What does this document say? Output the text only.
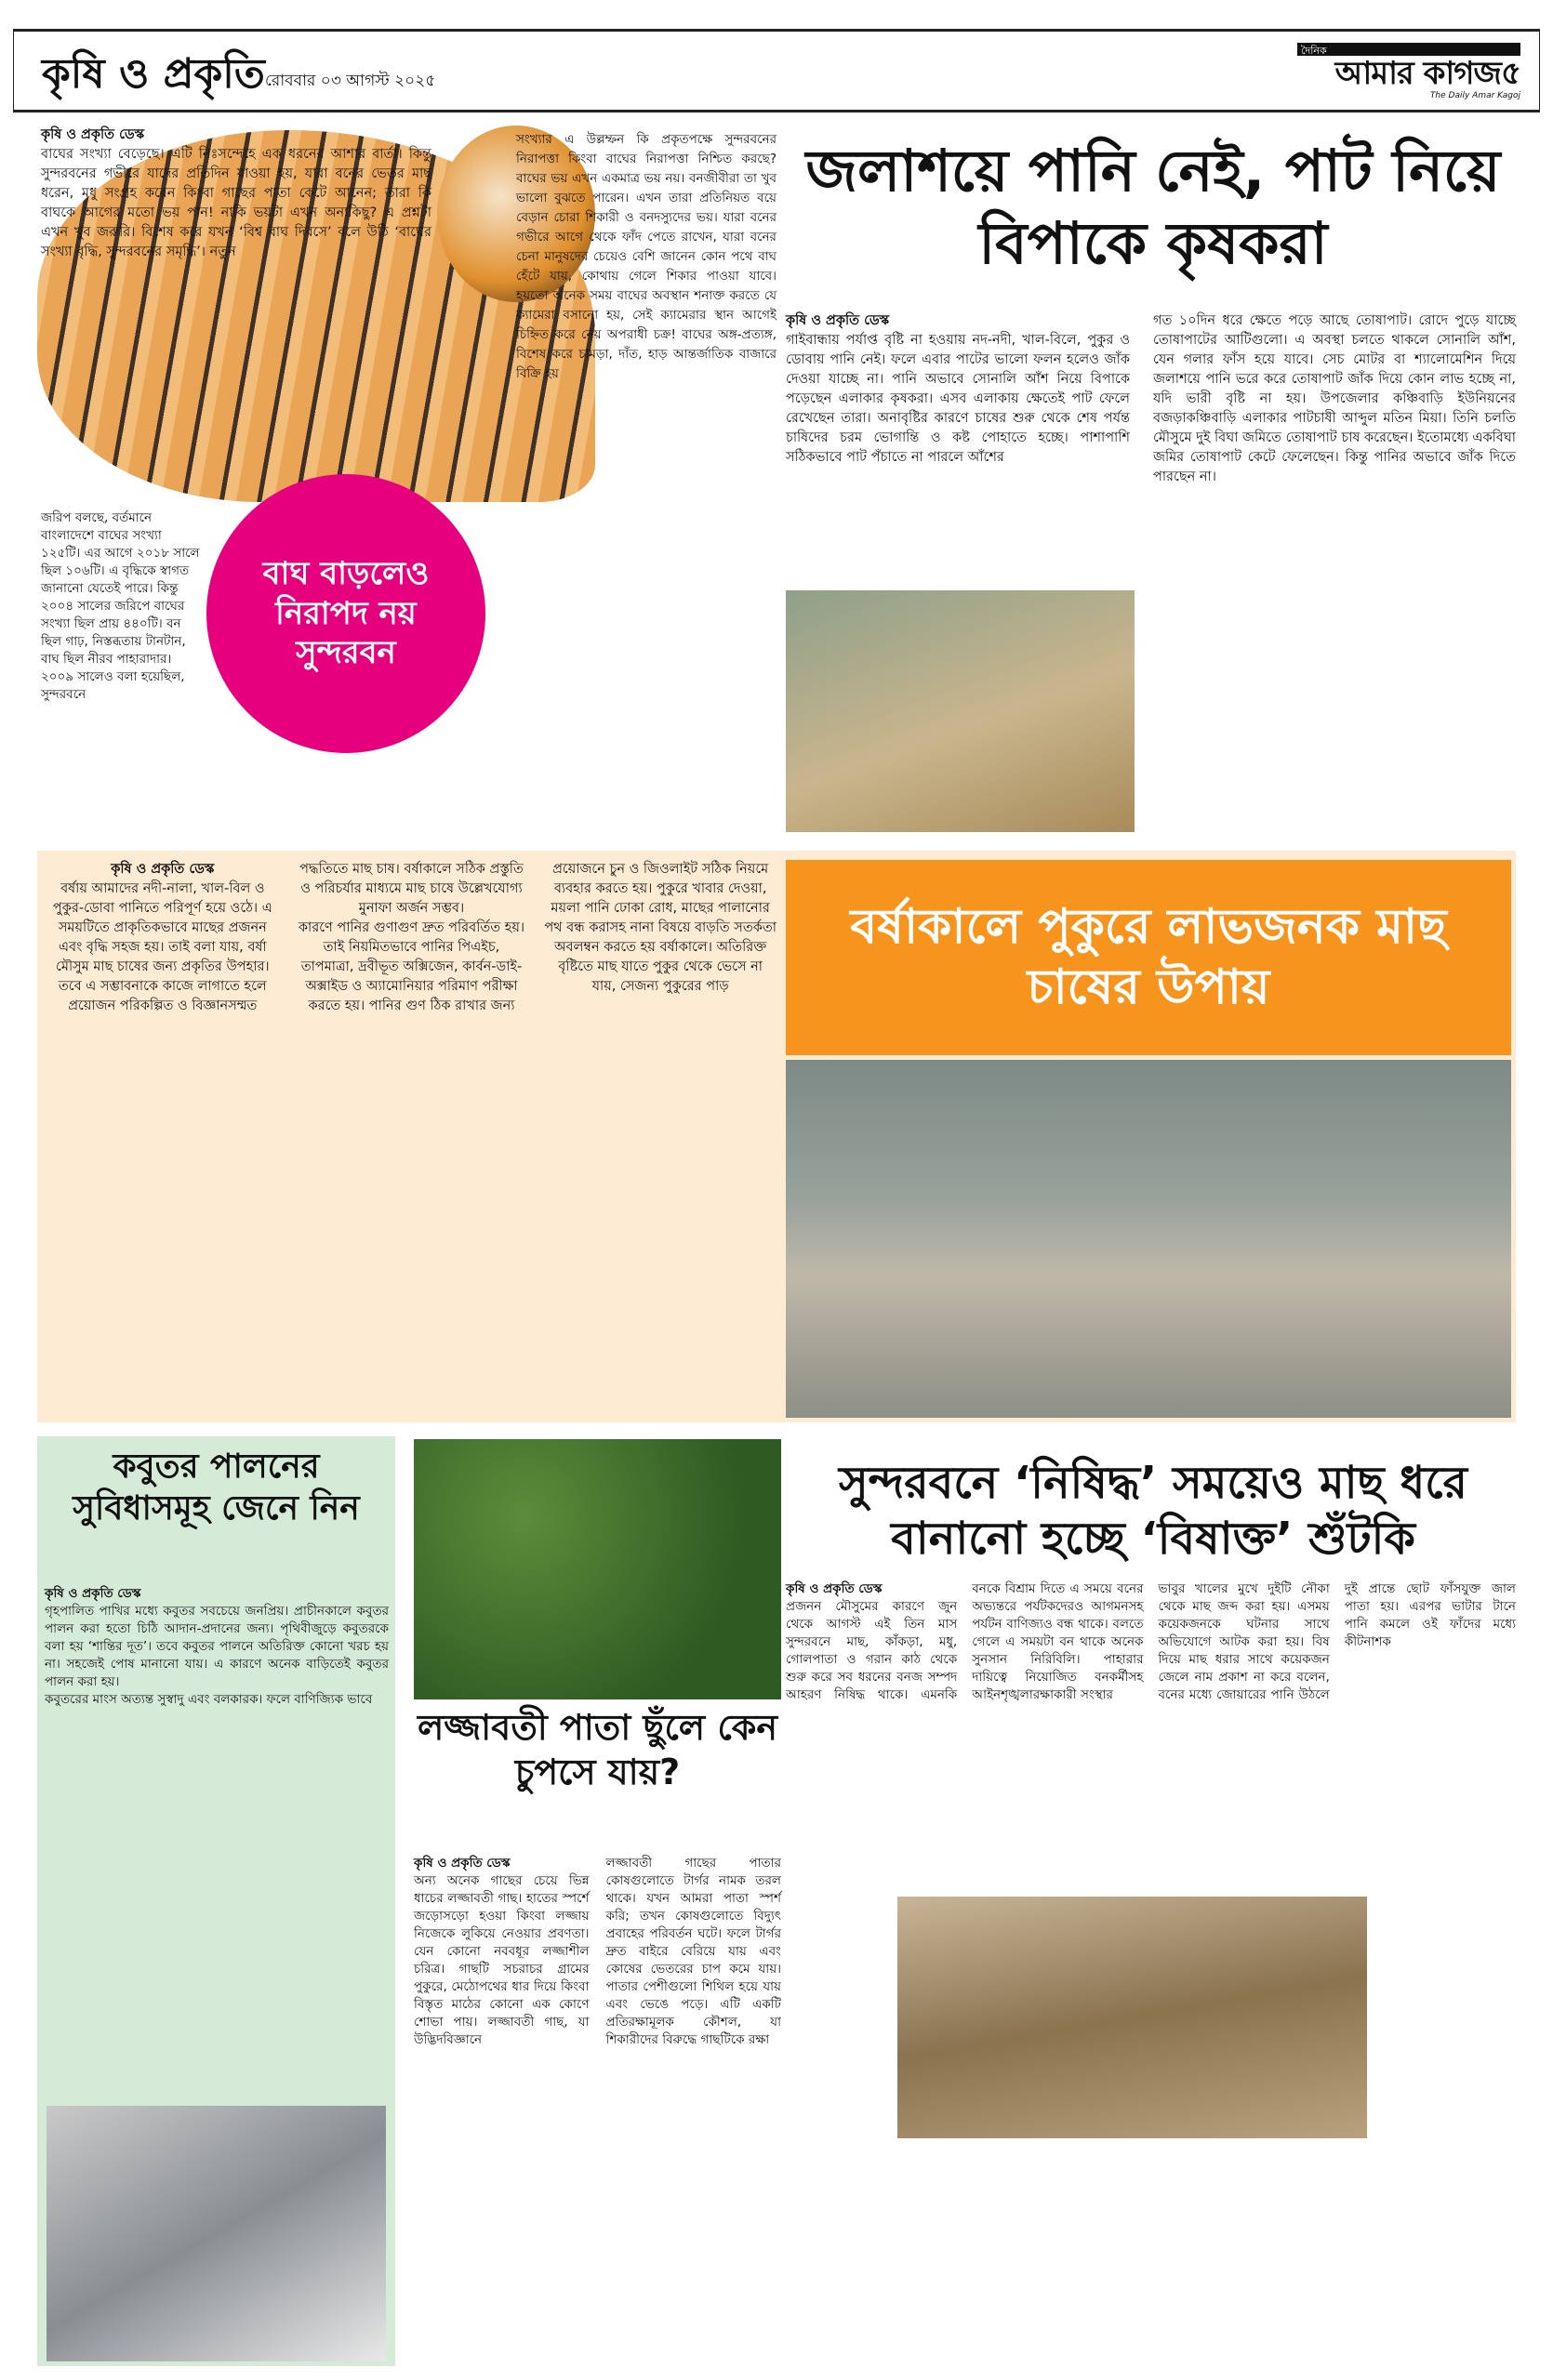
কৃষি ও প্রকৃতি রোববার ০৩ আগস্ট ২০২৫
দৈনিক
আমার কাগজ৫
The Daily Amar Kagoj
কৃষি ও প্রকৃতি ডেস্ক
বাঘের সংখ্যা বেড়েছে। এটি নিঃসন্দেহে এক ধরনের আশার বার্তা। কিন্তু সুন্দরবনের গভীরে যাদের প্রতিদিন যাওয়া হয়, যারা বনের ভেতর মাছ ধরেন, মধু সংগ্রহ করেন কিংবা গাছের পাতা কেটে আনেন; তারা কি বাঘকে আগের মতো ভয় পান! নাকি ভয়টা এখন অন্যকিছু? এ প্রশ্নটা এখন খুব জরুরি। বিশেষ করে যখন ‘বিশ্ব বাঘ দিবসে’ বলে উঠি ‘বাঘের সংখ্যা বৃদ্ধি, সুন্দরবনের সমৃদ্ধি’। নতুন
বাঘ বাড়লেও নিরাপদ নয় সুন্দরবন
জরিপ বলছে, বর্তমানে বাংলাদেশে বাঘের সংখ্যা ১২৫টি। এর আগে ২০১৮ সালে ছিল ১০৬টি। এ বৃদ্ধিকে স্বাগত জানানো যেতেই পারে। কিন্তু ২০০৪ সালের জরিপে বাঘের সংখ্যা ছিল প্রায় ৪৪০টি। বন ছিল গাঢ়, নিস্তব্ধতায় টানটান, বাঘ ছিল নীরব পাহারাদার। ২০০৯ সালেও বলা হয়েছিল, সুন্দরবনে
সংখ্যার এ উল্লম্ফন কি প্রকৃতপক্ষে সুন্দরবনের নিরাপত্তা কিংবা বাঘের নিরাপত্তা নিশ্চিত করছে? বাঘের ভয় এখন একমাত্র ভয় নয়। বনজীবীরা তা খুব ভালো বুঝতে পারেন। এখন তারা প্রতিনিয়ত বয়ে বেড়ান চোরা শিকারী ও বনদস্যুদের ভয়। যারা বনের গভীরে আগে থেকে ফাঁদ পেতে রাখেন, যারা বনের চেনা মানুষদের চেয়েও বেশি জানেন কোন পথে বাঘ হেঁটে যায়, কোথায় গেলে শিকার পাওয়া যাবে। হয়তো অনেক সময় বাঘের অবস্থান শনাক্ত করতে যে ক্যামেরা বসানো হয়, সেই ক্যামেরার স্থান আগেই চিহ্নিত করে নেয় অপরাধী চক্র! বাঘের অঙ্গ-প্রত্যঙ্গ, বিশেষ করে চামড়া, দাঁত, হাড় আন্তর্জাতিক বাজারে বিক্রি হয়
জলাশয়ে পানি নেই, পাট নিয়ে বিপাকে কৃষকরা
কৃষি ও প্রকৃতি ডেস্ক
গাইবান্ধায় পর্যাপ্ত বৃষ্টি না হওয়ায় নদ-নদী, খাল-বিলে, পুকুর ও ডোবায় পানি নেই। ফলে এবার পাটের ভালো ফলন হলেও জাঁক দেওয়া যাচ্ছে না। পানি অভাবে সোনালি আঁশ নিয়ে বিপাকে পড়েছেন এলাকার কৃষকরা। এসব এলাকায় ক্ষেতেই পাট ফেলে রেখেছেন তারা। অনাবৃষ্টির কারণে চাষের শুরু থেকে শেষ পর্যন্ত চাষিদের চরম ভোগান্তি ও কষ্ট পোহাতে হচ্ছে। পাশাপাশি সঠিকভাবে পাট পঁচাতে না পারলে আঁশের
গত ১০দিন ধরে ক্ষেতে পড়ে আছে তোষাপাট। রোদে পুড়ে যাচ্ছে তোষাপাটের আটিগুলো। এ অবস্থা চলতে থাকলে সোনালি আঁশ, যেন গলার ফাঁস হয়ে যাবে। সেচ মোটর বা শ্যালোমেশিন দিয়ে জলাশয়ে পানি ভরে করে তোষাপাট জাঁক দিয়ে কোন লাভ হচ্ছে না, যদি ভারী বৃষ্টি না হয়। উপজেলার কঞ্চিবাড়ি ইউনিয়নের বজড়াকঞ্চিবাড়ি এলাকার পাটচাষী আব্দুল মতিন মিয়া। তিনি চলতি মৌসুমে দুই বিঘা জমিতে তোষাপাট চাষ করেছেন। ইতোমধ্যে একবিঘা জমির তোষাপাট কেটে ফেলেছেন। কিন্তু পানির অভাবে জাঁক দিতে পারছেন না।
কৃষি ও প্রকৃতি ডেস্ক

বর্ষায় আমাদের নদী-নালা, খাল-বিল ও পুকুর-ডোবা পানিতে পরিপূর্ণ হয়ে ওঠে। এ সময়টিতে প্রাকৃতিকভাবে মাছের প্রজনন এবং বৃদ্ধি সহজ হয়। তাই বলা যায়, বর্ষা মৌসুম মাছ চাষের জন্য প্রকৃতির উপহার। তবে এ সম্ভাবনাকে কাজে লাগাতে হলে প্রয়োজন পরিকল্পিত ও বিজ্ঞানসম্মত পদ্ধতিতে মাছ চাষ। বর্ষাকালে সঠিক প্রস্তুতি ও পরিচর্যার মাধ্যমে মাছ চাষে উল্লেখযোগ্য মুনাফা অর্জন সম্ভব।

কারণে পানির গুণাগুণ দ্রুত পরিবর্তিত হয়। তাই নিয়মিতভাবে পানির পিএইচ, তাপমাত্রা, দ্রবীভূত অক্সিজেন, কার্বন-ডাই-অক্সাইড ও অ্যামোনিয়ার পরিমাণ পরীক্ষা করতে হয়। পানির গুণ ঠিক রাখার জন্য প্রয়োজনে চুন ও জিওলাইট সঠিক নিয়মে ব্যবহার করতে হয়। পুকুরে খাবার দেওয়া, ময়লা পানি ঢোকা রোধ, মাছের পালানোর পথ বন্ধ করাসহ নানা বিষয়ে বাড়তি সতর্কতা অবলম্বন করতে হয় বর্ষাকালে। অতিরিক্ত বৃষ্টিতে মাছ যাতে পুকুর থেকে ভেসে না যায়, সেজন্য পুকুরের পাড়

বর্ষাকালে পুকুরে লাভজনক মাছ চাষের উপায়
কবুতর পালনের সুবিধাসমূহ জেনে নিন
কৃষি ও প্রকৃতি ডেস্ক

গৃহপালিত পাখির মধ্যে কবুতর সবচেয়ে জনপ্রিয়। প্রাচীনকালে কবুতর পালন করা হতো চিঠি আদান-প্রদানের জন্য। পৃথিবীজুড়ে কবুতরকে বলা হয় ‘শান্তির দূত’। তবে কবুতর পালনে অতিরিক্ত কোনো খরচ হয় না। সহজেই পোষ মানানো যায়। এ কারণে অনেক বাড়িতেই কবুতর পালন করা হয়।

কবুতরের মাংস অত্যন্ত সুস্বাদু এবং বলকারক। ফলে বাণিজ্যিক ভাবে

লজ্জাবতী পাতা ছুঁলে কেন চুপসে যায়?
কৃষি ও প্রকৃতি ডেস্ক

অন্য অনেক গাছের চেয়ে ভিন্ন ধাচের লজ্জাবতী গাছ। হাতের স্পর্শে জড়োসড়ো হওয়া কিংবা লজ্জায় নিজেকে লুকিয়ে নেওয়ার প্রবণতা। যেন কোনো নববধূর লজ্জাশীল চরিত্র। গাছটি সচরাচর গ্রামের পুকুরে, মেঠোপথের ধার দিয়ে কিংবা বিস্তৃত মাঠের কোনো এক কোণে শোভা পায়। লজ্জাবতী গাছ, যা উদ্ভিদবিজ্ঞানে

লজ্জাবতী গাছের পাতার কোষগুলোতে টার্গর নামক তরল থাকে। যখন আমরা পাতা স্পর্শ করি; তখন কোষগুলোতে বিদ্যুৎ প্রবাহের পরিবর্তন ঘটে। ফলে টার্গর দ্রুত বাইরে বেরিয়ে যায় এবং কোষের ভেতরের চাপ কমে যায়। পাতার পেশীগুলো শিথিল হয়ে যায় এবং ভেঙে পড়ে। এটি একটি প্রতিরক্ষামূলক কৌশল, যা শিকারীদের বিরুদ্ধে গাছটিকে রক্ষা

সুন্দরবনে ‘নিষিদ্ধ’ সময়েও মাছ ধরে বানানো হচ্ছে ‘বিষাক্ত’ শুঁটকি
কৃষি ও প্রকৃতি ডেস্ক

প্রজনন মৌসুমের কারণে জুন থেকে আগস্ট এই তিন মাস সুন্দরবনে মাছ, কাঁকড়া, মধু, গোলপাতা ও গরান কাঠ থেকে শুরু করে সব ধরনের বনজ সম্পদ আহরণ নিষিদ্ধ থাকে। এমনকি বনকে বিশ্রাম দিতে এ সময়ে বনের অভ্যন্তরে পর্যটকদেরও আগমনসহ পর্যটন বাণিজ্যও বন্ধ থাকে। বলতে গেলে এ সময়টা বন থাকে অনেক সুনসান নিরিবিলি। পাহারার দায়িত্বে নিয়োজিত বনকর্মীসহ আইনশৃঙ্খলারক্ষাকারী সংস্থার

ভাবুর খালের মুখে দুইটি নৌকা থেকে মাছ জব্দ করা হয়। এসময় কয়েকজনকে ঘটনার সাথে অভিযোগে আটক করা হয়। বিষ দিয়ে মাছ ধরার সাথে কয়েকজন জেলে নাম প্রকাশ না করে বলেন, বনের মধ্যে জোয়ারের পানি উঠলে দুই প্রান্তে ছোট ফাঁসযুক্ত জাল পাতা হয়। এরপর ভাটার টানে পানি কমলে ওই ফাঁদের মধ্যে কীটনাশক
